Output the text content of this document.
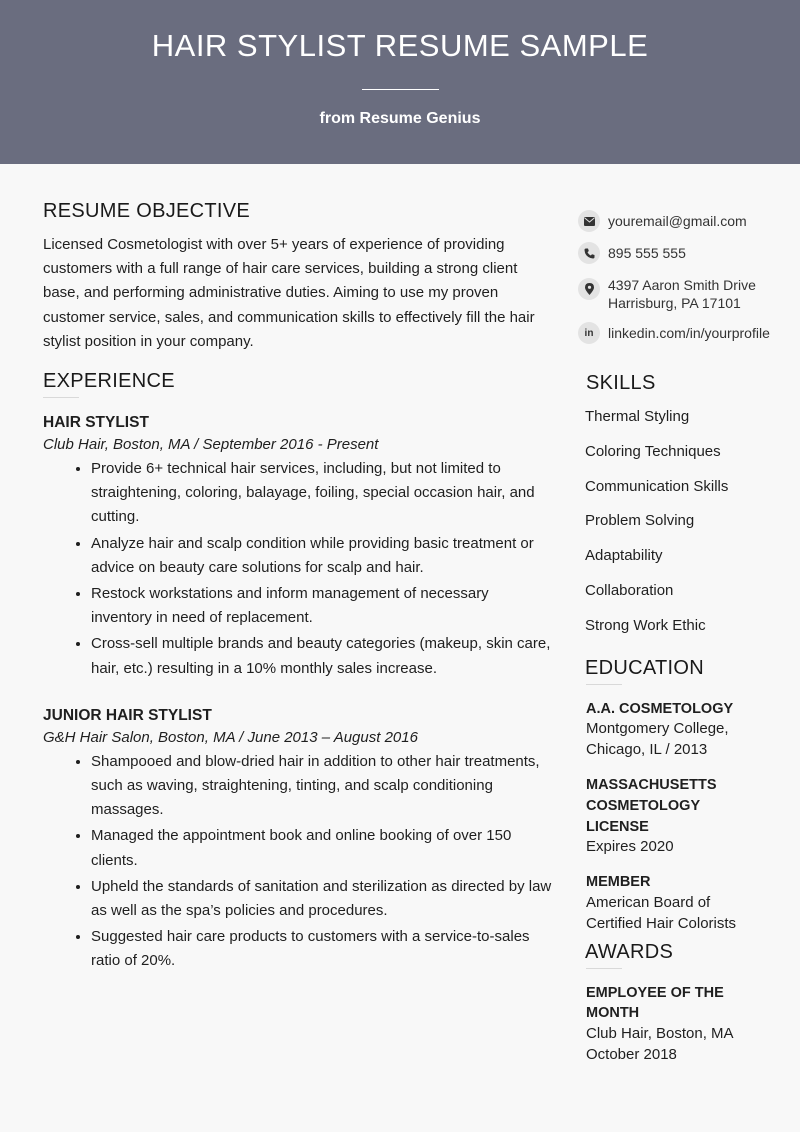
HAIR STYLIST RESUME SAMPLE
from Resume Genius
RESUME OBJECTIVE
Licensed Cosmetologist with over 5+ years of experience of providing customers with a full range of hair care services, building a strong client base, and performing administrative duties. Aiming to use my proven customer service, sales, and communication skills to effectively fill the hair stylist position in your company.
EXPERIENCE
HAIR STYLIST
Club Hair, Boston, MA / September 2016 - Present
• Provide 6+ technical hair services, including, but not limited to straightening, coloring, balayage, foiling, special occasion hair, and cutting.
• Analyze hair and scalp condition while providing basic treatment or advice on beauty care solutions for scalp and hair.
• Restock workstations and inform management of necessary inventory in need of replacement.
• Cross-sell multiple brands and beauty categories (makeup, skin care, hair, etc.) resulting in a 10% monthly sales increase.
JUNIOR HAIR STYLIST
G&H Hair Salon, Boston, MA / June 2013 – August 2016
• Shampooed and blow-dried hair in addition to other hair treatments, such as waving, straightening, tinting, and scalp conditioning massages.
• Managed the appointment book and online booking of over 150 clients.
• Upheld the standards of sanitation and sterilization as directed by law as well as the spa’s policies and procedures.
• Suggested hair care products to customers with a service-to-sales ratio of 20%.
youremail@gmail.com
895 555 555
4397 Aaron Smith Drive
Harrisburg, PA 17101
in	linkedin.com/in/yourprofile
SKILLS
Thermal Styling
Coloring Techniques
Communication Skills
Problem Solving
Adaptability
Collaboration
Strong Work Ethic
EDUCATION
A.A. COSMETOLOGY
Montgomery College,
Chicago, IL / 2013
MASSACHUSETTS COSMETOLOGY LICENSE
Expires 2020
MEMBER
American Board of
Certified Hair Colorists
AWARDS
EMPLOYEE OF THE MONTH
Club Hair, Boston, MA
October 2018
